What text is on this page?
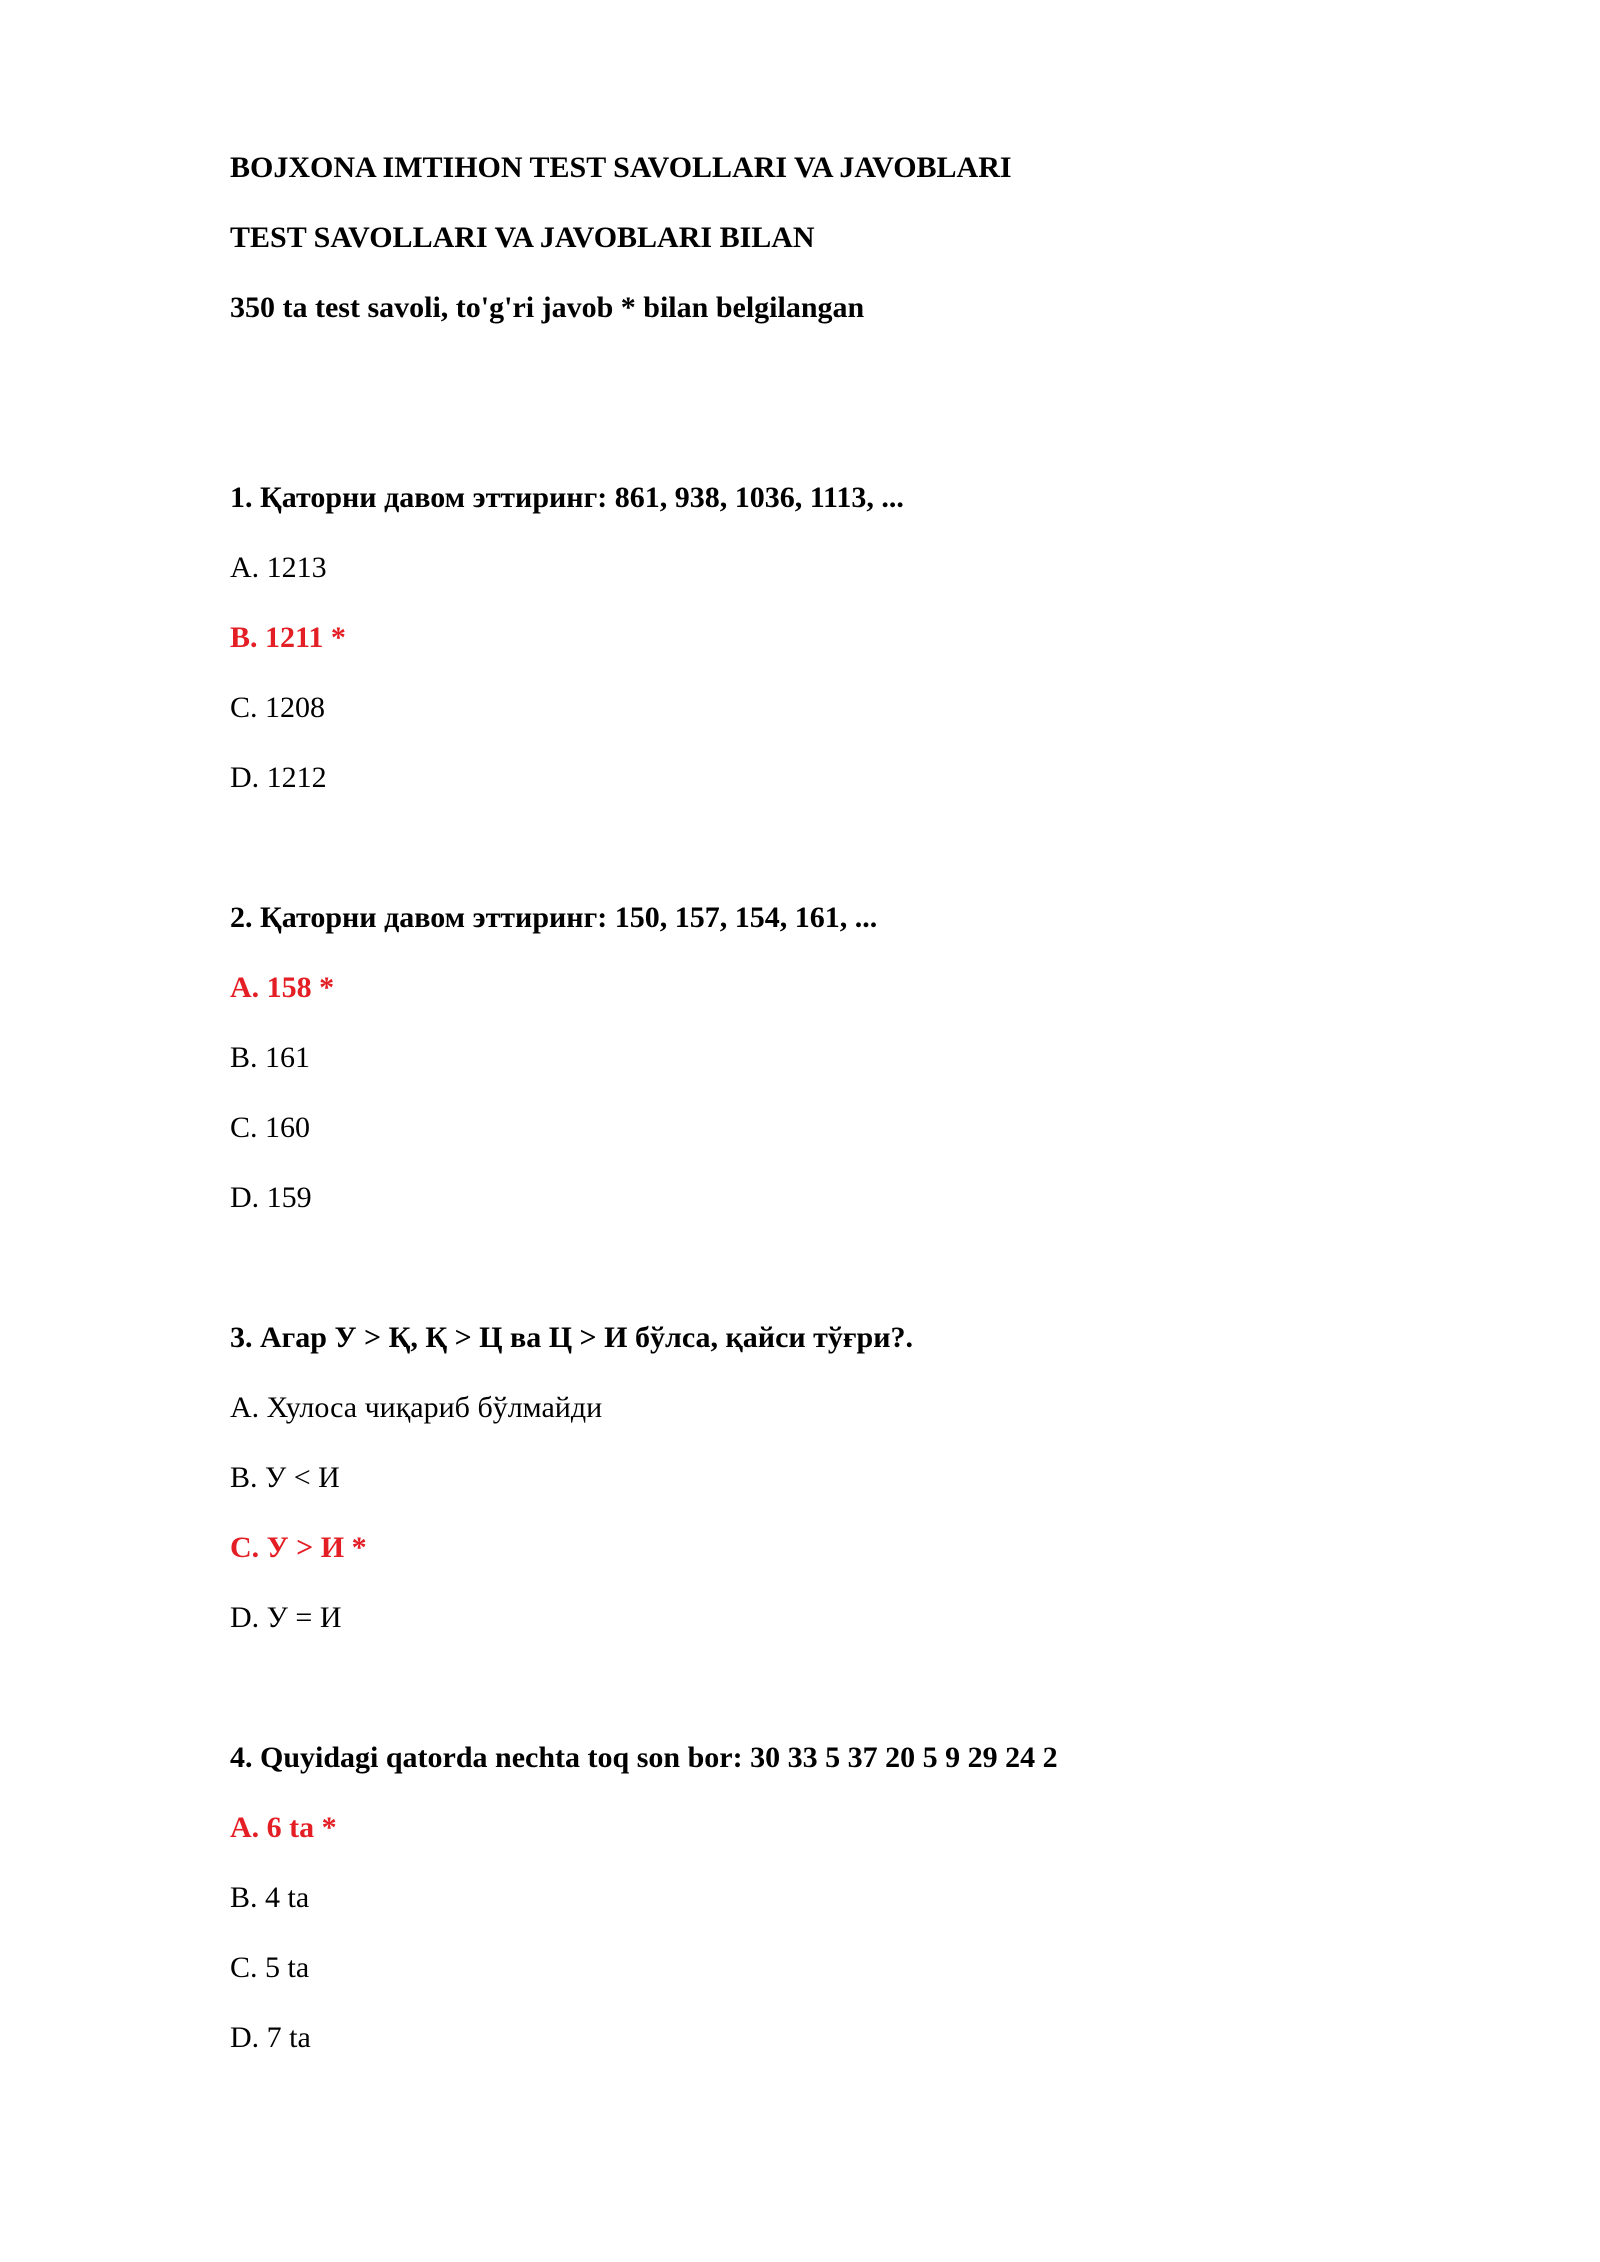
BOJXONA IMTIHON TEST SAVOLLARI VA JAVOBLARI
TEST SAVOLLARI VA JAVOBLARI BILAN
350 ta test savoli, to'g'ri javob * bilan belgilangan
1. Қаторни давом эттиринг: 861, 938, 1036, 1113, ...
A. 1213
B. 1211 *
C. 1208
D. 1212
2. Қаторни давом эттиринг: 150, 157, 154, 161, ...
A. 158 *
B. 161
C. 160
D. 159
3. Агар У > Қ, Қ > Ц ва Ц > И бўлса, қайси тўғри?.
A. Хулоса чиқариб бўлмайди
B. У < И
C. У > И *
D. У = И
4. Quyidagi qatorda nechta toq son bor: 30 33 5 37 20 5 9 29 24 2
A. 6 ta *
B. 4 ta
C. 5 ta
D. 7 ta
